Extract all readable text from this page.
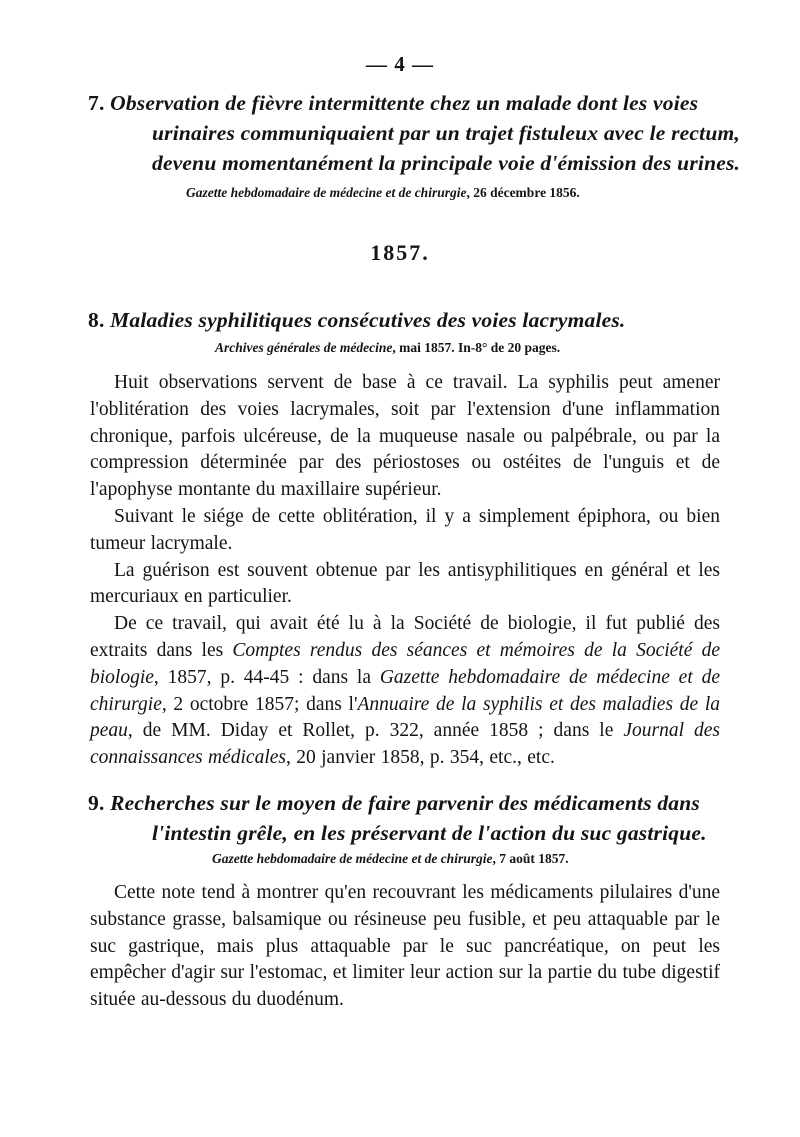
— 4 —
7. Observation de fièvre intermittente chez un malade dont les voies
urinaires communiquaient par un trajet fistuleux avec le rectum,
devenu momentanément la principale voie d'émission des urines.
Gazette hebdomadaire de médecine et de chirurgie, 26 décembre 1856.
1857.
8. Maladies syphilitiques consécutives des voies lacrymales.
Archives générales de médecine, mai 1857. In-8° de 20 pages.

Huit observations servent de base à ce travail. La syphilis peut amener l'oblitération des voies lacrymales, soit par l'extension d'une inflammation chronique, parfois ulcéreuse, de la muqueuse nasale ou palpébrale, ou par la compression déterminée par des périostoses ou ostéites de l'unguis et de l'apophyse montante du maxillaire supérieur.

Suivant le siége de cette oblitération, il y a simplement épiphora, ou bien tumeur lacrymale.

La guérison est souvent obtenue par les antisyphilitiques en général et les mercuriaux en particulier.

De ce travail, qui avait été lu à la Société de biologie, il fut publié des extraits dans les Comptes rendus des séances et mémoires de la Société de biologie, 1857, p. 44-45 : dans la Gazette hebdomadaire de médecine et de chirurgie, 2 octobre 1857; dans l'Annuaire de la syphilis et des maladies de la peau, de MM. Diday et Rollet, p. 322, année 1858 ; dans le Journal des connaissances médicales, 20 janvier 1858, p. 354, etc., etc.

9. Recherches sur le moyen de faire parvenir des médicaments dans
l'intestin grêle, en les préservant de l'action du suc gastrique.
Gazette hebdomadaire de médecine et de chirurgie, 7 août 1857.

Cette note tend à montrer qu'en recouvrant les médicaments pilulaires d'une substance grasse, balsamique ou résineuse peu fusible, et peu attaquable par le suc gastrique, mais plus attaquable par le suc pancréatique, on peut les empêcher d'agir sur l'estomac, et limiter leur action sur la partie du tube digestif située au-dessous du duodénum.
